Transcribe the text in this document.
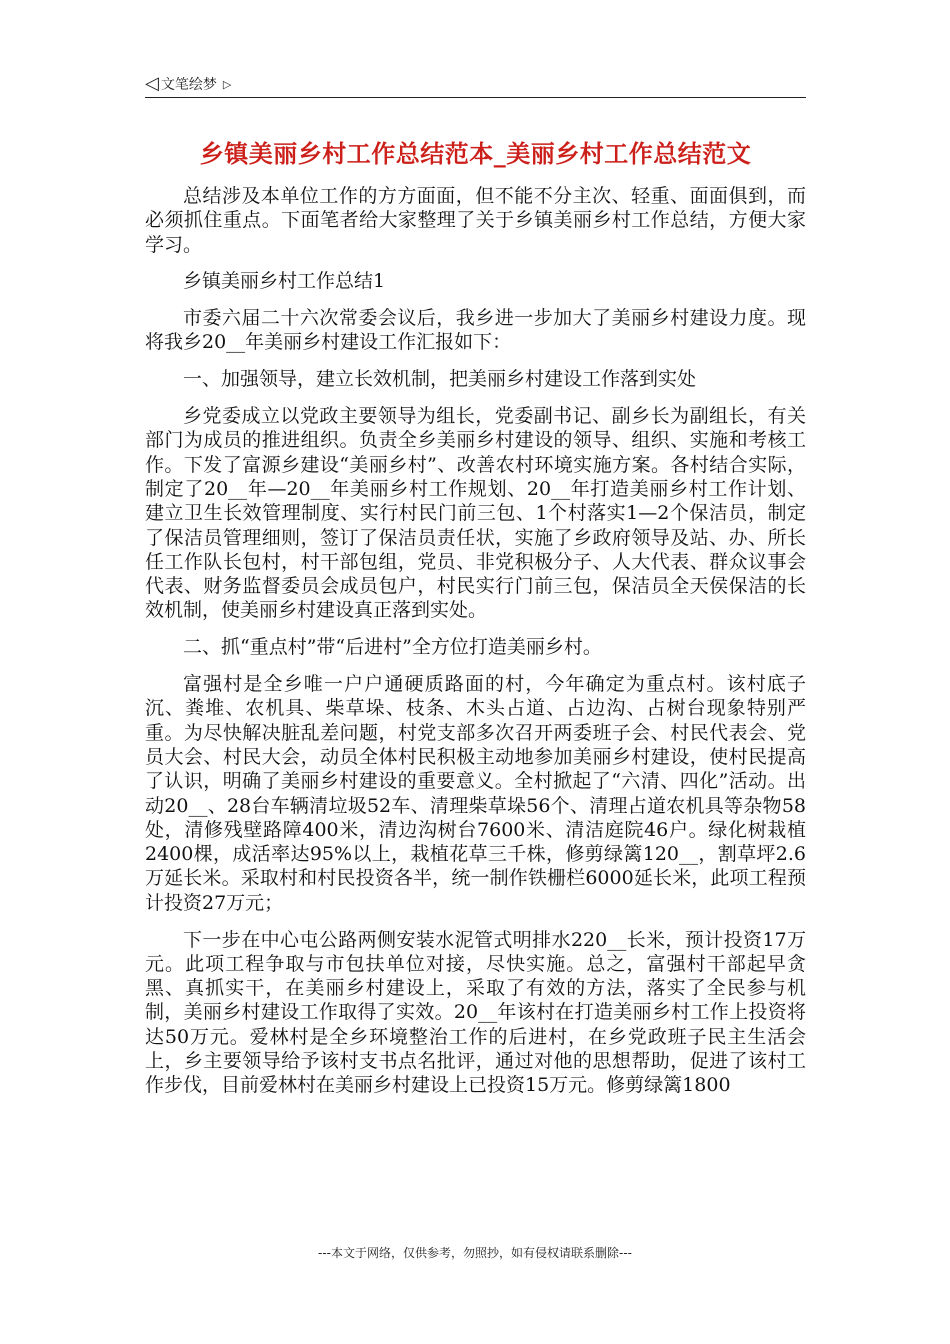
◁ 文笔绘梦 ▷
乡镇美丽乡村工作总结范本_美丽乡村工作总结范文

总结涉及本单位工作的方方面面，但不能不分主次、轻重、面面俱到，而必须抓住重点。下面笔者给大家整理了关于乡镇美丽乡村工作总结，方便大家学习。

乡镇美丽乡村工作总结1

市委六届二十六次常委会议后，我乡进一步加大了美丽乡村建设力度。现将我乡20__年美丽乡村建设工作汇报如下：

一、加强领导，建立长效机制，把美丽乡村建设工作落到实处

乡党委成立以党政主要领导为组长，党委副书记、副乡长为副组长，有关部门为成员的推进组织。负责全乡美丽乡村建设的领导、组织、实施和考核工作。下发了富源乡建设“美丽乡村”、改善农村环境实施方案。各村结合实际，制定了20__年—20__年美丽乡村工作规划、20__年打造美丽乡村工作计划、建立卫生长效管理制度、实行村民门前三包、1个村落实1—2个保洁员，制定了保洁员管理细则，签订了保洁员责任状，实施了乡政府领导及站、办、所长任工作队长包村，村干部包组，党员、非党积极分子、人大代表、群众议事会代表、财务监督委员会成员包户，村民实行门前三包，保洁员全天侯保洁的长效机制，使美丽乡村建设真正落到实处。

二、抓“重点村”带“后进村”全方位打造美丽乡村。

富强村是全乡唯一户户通硬质路面的村，今年确定为重点村。该村底子沉、粪堆、农机具、柴草垛、枝条、木头占道、占边沟、占树台现象特别严重。为尽快解决脏乱差问题，村党支部多次召开两委班子会、村民代表会、党员大会、村民大会，动员全体村民积极主动地参加美丽乡村建设，使村民提高了认识，明确了美丽乡村建设的重要意义。全村掀起了“六清、四化”活动。出动20__、28台车辆清垃圾52车、清理柴草垛56个、清理占道农机具等杂物58处，清修残壁路障400米，清边沟树台7600米、清洁庭院46户。绿化树栽植2400棵，成活率达95%以上，栽植花草三千株，修剪绿篱120__，割草坪2.6万延长米。采取村和村民投资各半，统一制作铁栅栏6000延长米，此项工程预计投资27万元；

下一步在中心屯公路两侧安装水泥管式明排水220__长米，预计投资17万元。此项工程争取与市包扶单位对接，尽快实施。总之，富强村干部起早贪黑、真抓实干，在美丽乡村建设上，采取了有效的方法，落实了全民参与机制，美丽乡村建设工作取得了实效。20__年该村在打造美丽乡村工作上投资将达50万元。爱林村是全乡环境整治工作的后进村，在乡党政班子民主生活会上，乡主要领导给予该村支书点名批评，通过对他的思想帮助，促进了该村工作步伐，目前爱林村在美丽乡村建设上已投资15万元。修剪绿篱1800

---本文于网络，仅供参考，勿照抄，如有侵权请联系删除---
